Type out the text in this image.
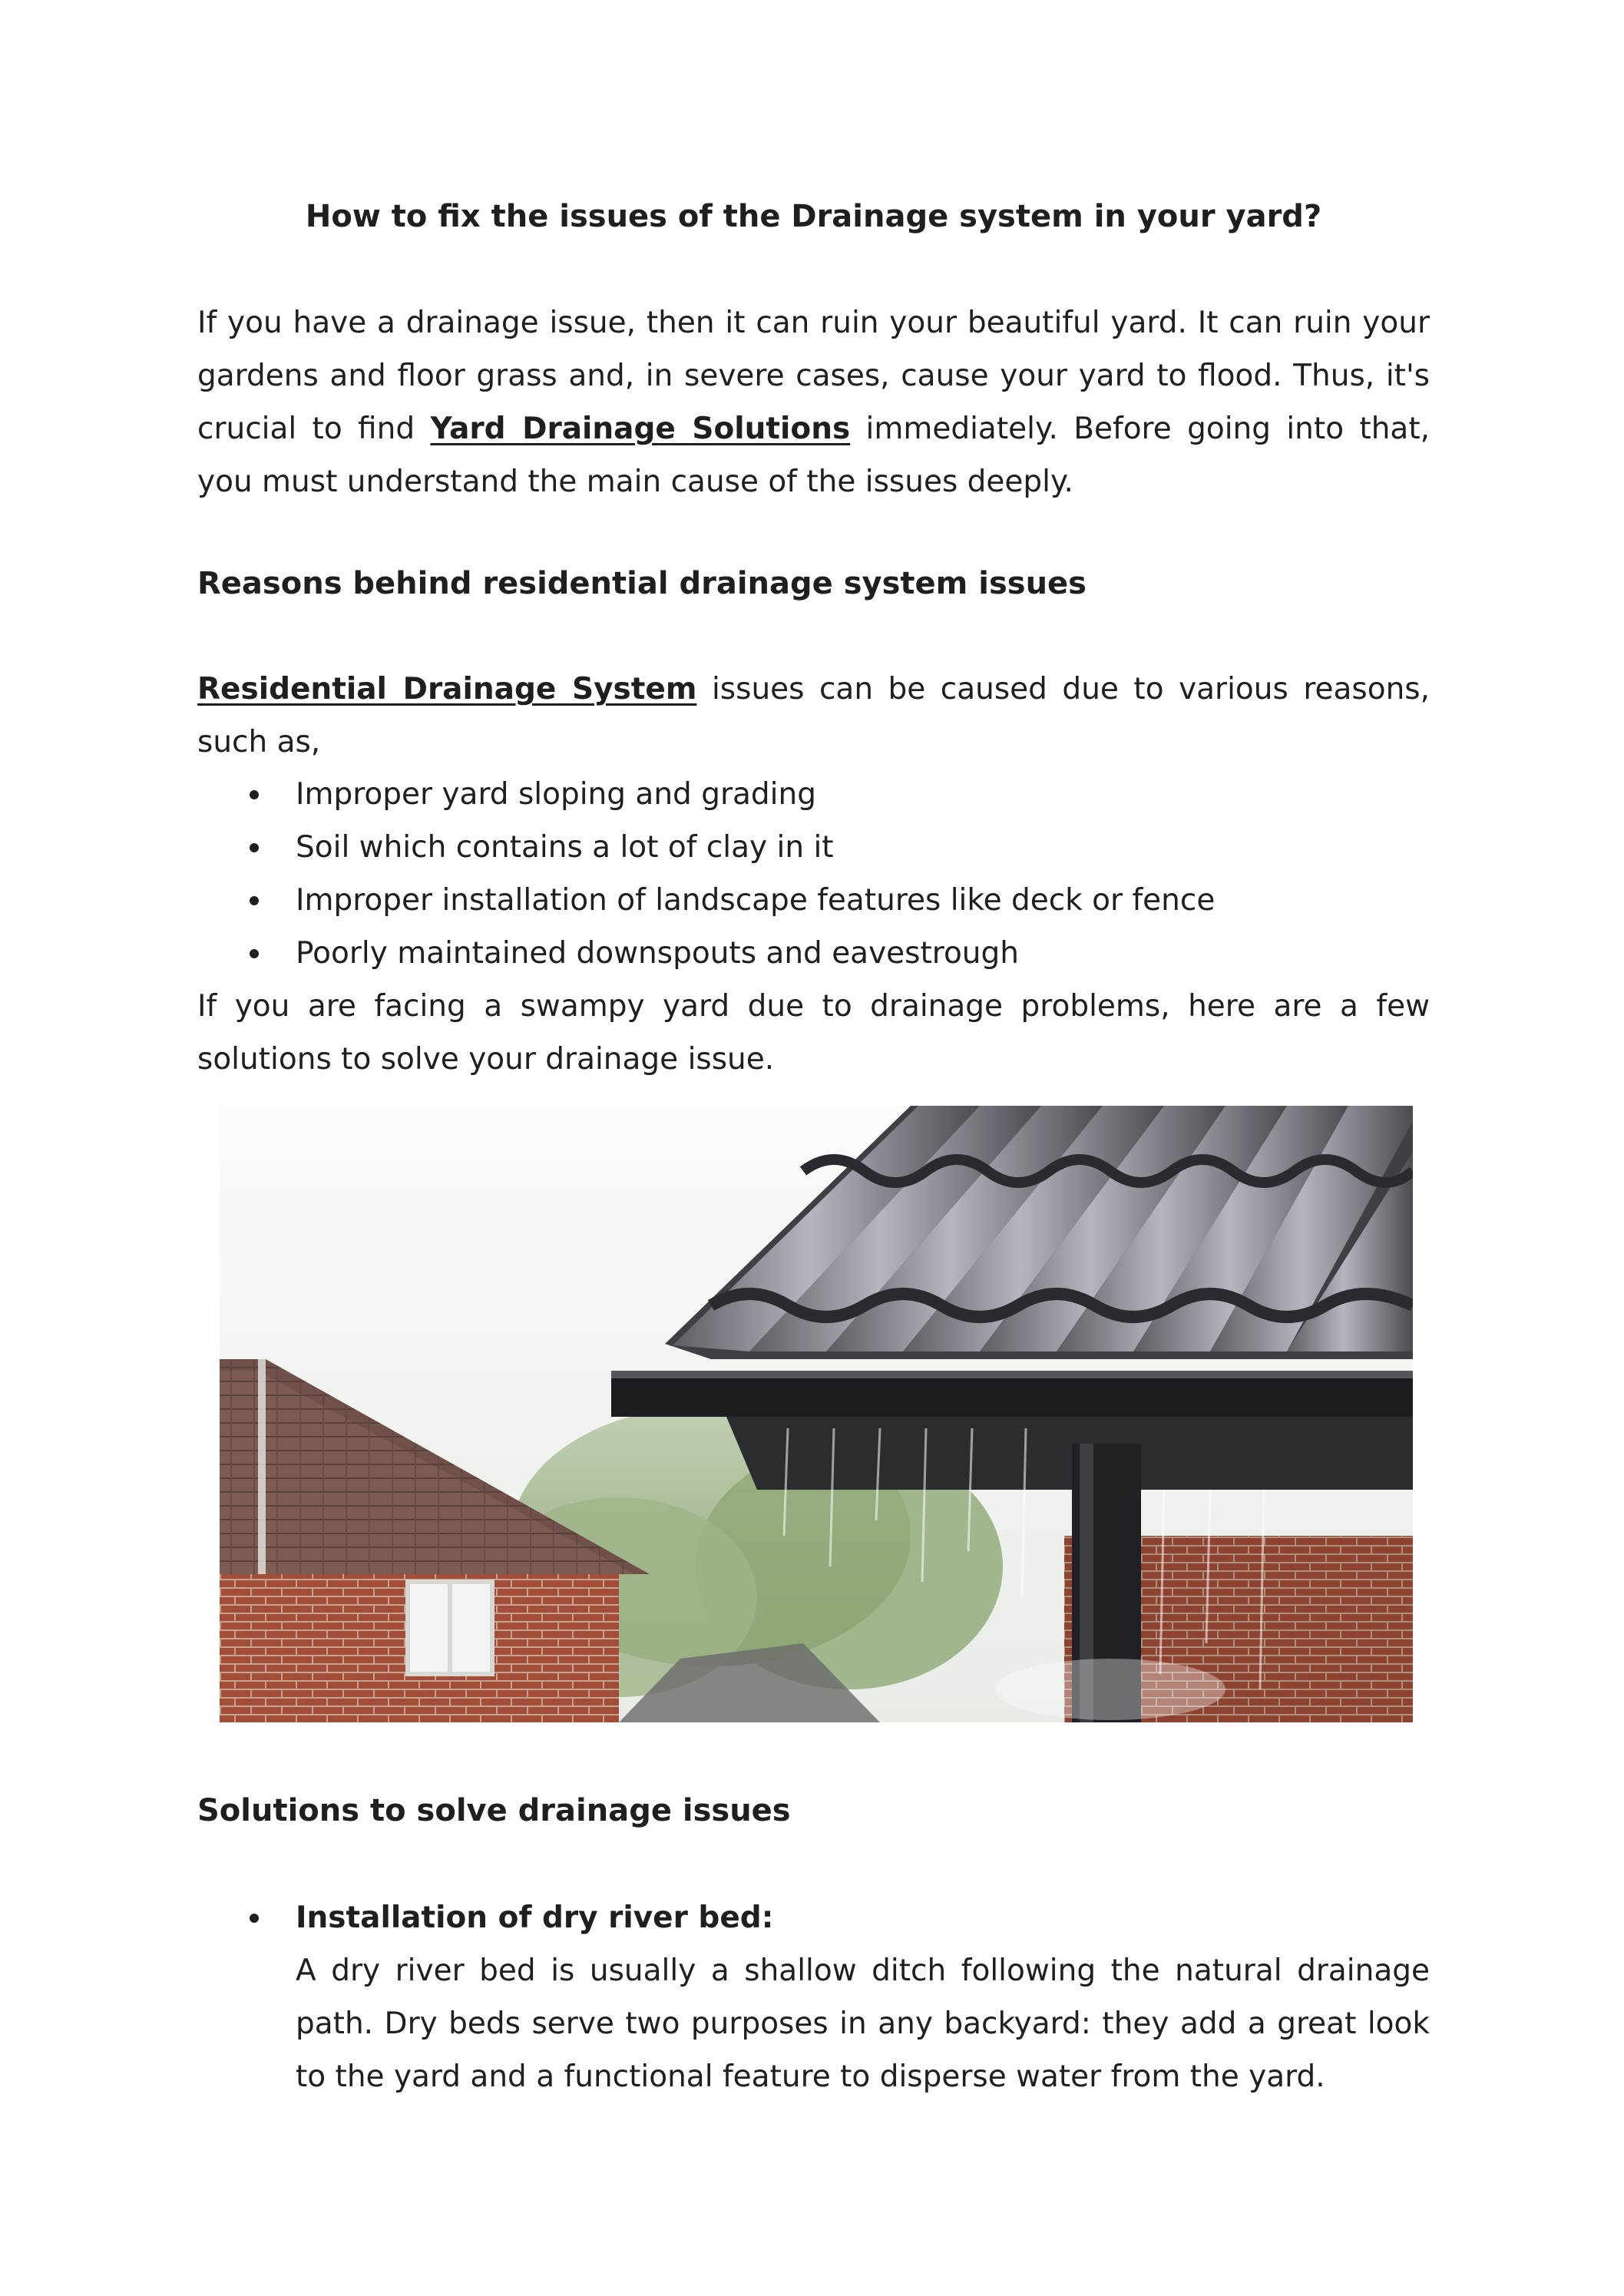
How to fix the issues of the Drainage system in your yard?

If you have a drainage issue, then it can ruin your beautiful yard. It can ruin your gardens and floor grass and, in severe cases, cause your yard to flood. Thus, it's crucial to find Yard Drainage Solutions immediately. Before going into that, you must understand the main cause of the issues deeply.

Reasons behind residential drainage system issues

Residential Drainage System issues can be caused due to various reasons, such as,

Improper yard sloping and grading
Soil which contains a lot of clay in it
Improper installation of landscape features like deck or fence
Poorly maintained downspouts and eavestrough

If you are facing a swampy yard due to drainage problems, here are a few solutions to solve your drainage issue.

Solutions to solve drainage issues
Installation of dry river bed:
A dry river bed is usually a shallow ditch following the natural drainage path. Dry beds serve two purposes in any backyard: they add a great look to the yard and a functional feature to disperse water from the yard.
